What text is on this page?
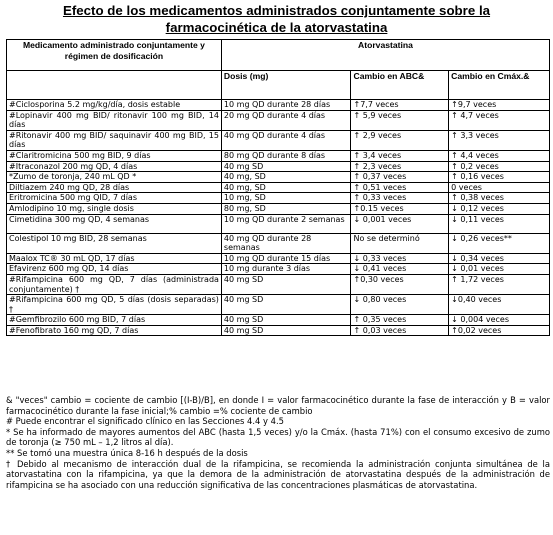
Efecto de los medicamentos administrados conjuntamente sobre la
farmacocinética de la atorvastatina
Medicamento administrado conjuntamente y régimen de dosificación	Atorvastatina		
	Dosis (mg)	Cambio en ABC&	Cambio en Cmáx.&
#Ciclosporina 5.2 mg/kg/día, dosis estable	10 mg QD durante 28 días	↑7,7 veces	↑9,7 veces
#Lopinavir 400 mg BID/ ritonavir 100 mg BID, 14 días	20 mg QD durante 4 días	↑ 5,9 veces	↑ 4,7 veces
#Ritonavir 400 mg BID/ saquinavir 400 mg BID, 15 días	40 mg QD durante 4 días	↑ 2,9 veces	↑ 3,3 veces
#Claritromicina 500 mg BID, 9 días	80 mg QD durante 8 días	↑ 3,4 veces	↑ 4,4 veces
#Itraconazol 200 mg QD, 4 días	40 mg SD	↑ 2,3 veces	↑ 0,2 veces
*Zumo de toronja, 240 mL QD *	40 mg, SD	↑ 0,37 veces	↑ 0,16 veces
Diltiazem 240 mg QD, 28 días	40 mg, SD	↑ 0,51 veces	0 veces
Eritromicina 500 mg QID, 7 días	10 mg, SD	↑ 0,33 veces	↑ 0,38 veces
Amlodipino 10 mg, single dosis	80 mg, SD	↑0.15 veces	↓ 0,12 veces
Cimetidina 300 mg QD, 4 semanas	10 mg QD durante 2 semanas	↓ 0,001 veces	↓ 0,11 veces
Colestipol 10 mg BID, 28 semanas	40 mg QD durante 28 semanas	No se determinó	↓ 0,26 veces**
Maalox TC® 30 mL QD, 17 días	10 mg QD durante 15 días	↓ 0,33 veces	↓ 0,34 veces
Efavirenz 600 mg QD, 14 días	10 mg durante 3 días	↓ 0,41 veces	↓ 0,01 veces
#Rifampicina 600 mg QD, 7 días (administrada conjuntamente) †	40 mg SD	↑0,30 veces	↑ 1,72 veces
#Rifampicina 600 mg QD, 5 días (dosis separadas) †	40 mg SD	↓ 0,80 veces	↓0,40 veces
#Gemfibrozilo 600 mg BID, 7 días	40 mg SD	↑ 0,35 veces	↓ 0,004 veces
#Fenofibrato 160 mg QD, 7 días	40 mg SD	↑ 0,03 veces	↑0,02 veces

& "veces" cambio = cociente de cambio [(I-B)/B], en donde I = valor farmacocinético durante la fase de interacción y B = valor farmacocinético durante la fase inicial;% cambio =% cociente de cambio

# Puede encontrar el significado clínico en las Secciones 4.4 y 4.5

* Se ha informado de mayores aumentos del ABC (hasta 1,5 veces) y/o la Cmáx. (hasta 71%) con el consumo excesivo de zumo de toronja (≥ 750 mL – 1,2 litros al día).

** Se tomó una muestra única 8-16 h después de la dosis

† Debido al mecanismo de interacción dual de la rifampicina, se recomienda la administración conjunta simultánea de la atorvastatina con la rifampicina, ya que la demora de la administración de atorvastatina después de la administración de rifampicina se ha asociado con una reducción significativa de las concentraciones plasmáticas de atorvastatina.
